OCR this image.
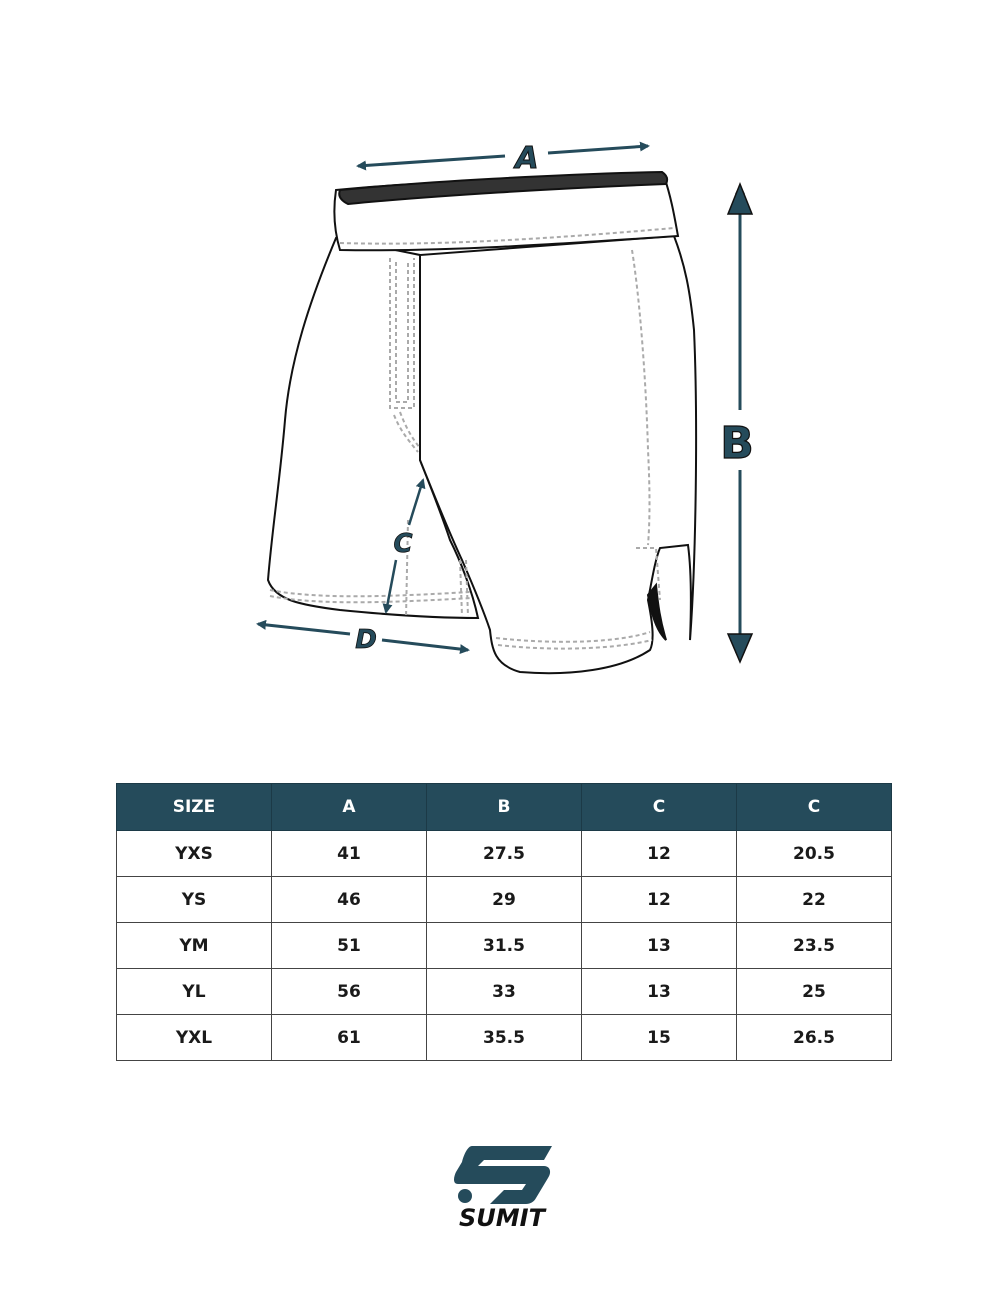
A
B
C
D
SIZE	A	B	C	C
YXS	41	27.5	12	20.5
YS	46	29	12	22
YM	51	31.5	13	23.5
YL	56	33	13	25
YXL	61	35.5	15	26.5
SUMIT
